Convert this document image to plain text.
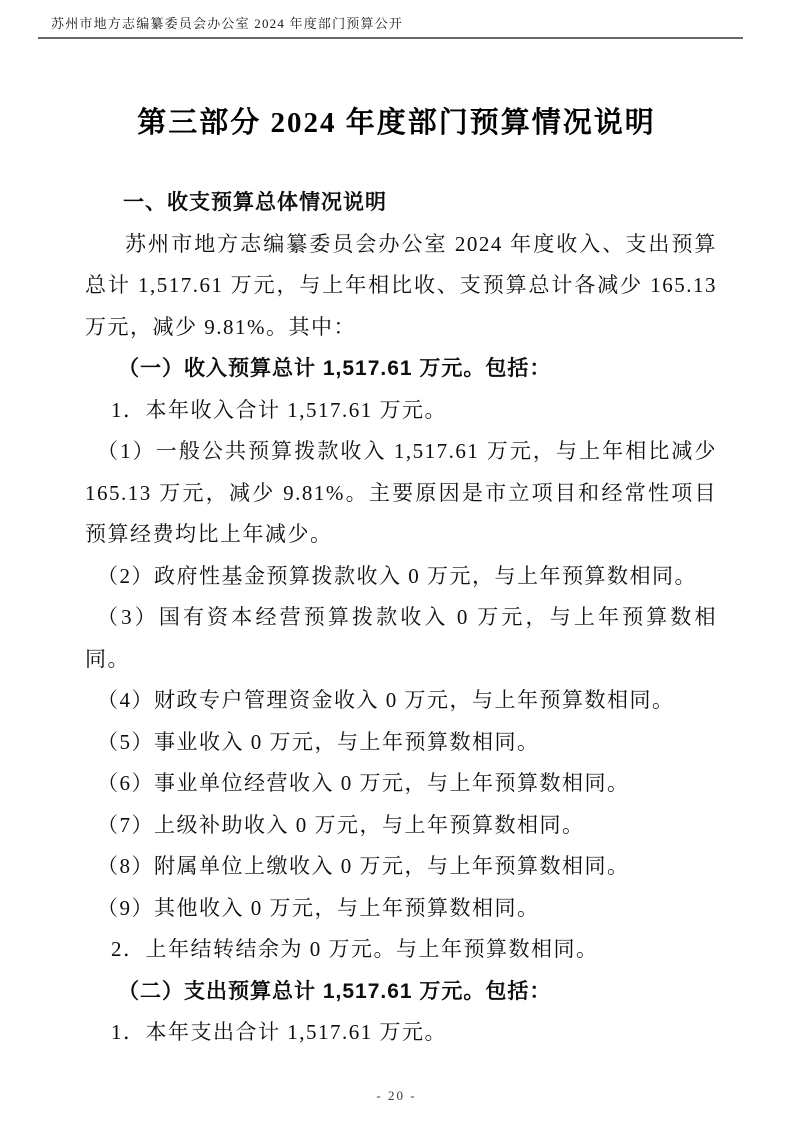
苏州市地方志编纂委员会办公室 2024 年度部门预算公开
第三部分 2024 年度部门预算情况说明

一、收支预算总体情况说明

苏州市地方志编纂委员会办公室 2024 年度收入、支出预算总计 1,517.61 万元，与上年相比收、支预算总计各减少 165.13 万元，减少 9.81%。其中：

（一）收入预算总计 1,517.61 万元。包括：

1．本年收入合计 1,517.61 万元。

（1）一般公共预算拨款收入 1,517.61 万元，与上年相比减少 165.13 万元，减少 9.81%。主要原因是市立项目和经常性项目预算经费均比上年减少。

（2）政府性基金预算拨款收入 0 万元，与上年预算数相同。

（3）国有资本经营预算拨款收入 0 万元，与上年预算数相同。

（4）财政专户管理资金收入 0 万元，与上年预算数相同。

（5）事业收入 0 万元，与上年预算数相同。

（6）事业单位经营收入 0 万元，与上年预算数相同。

（7）上级补助收入 0 万元，与上年预算数相同。

（8）附属单位上缴收入 0 万元，与上年预算数相同。

（9）其他收入 0 万元，与上年预算数相同。

2．上年结转结余为 0 万元。与上年预算数相同。

（二）支出预算总计 1,517.61 万元。包括：

1．本年支出合计 1,517.61 万元。

- 20 -
